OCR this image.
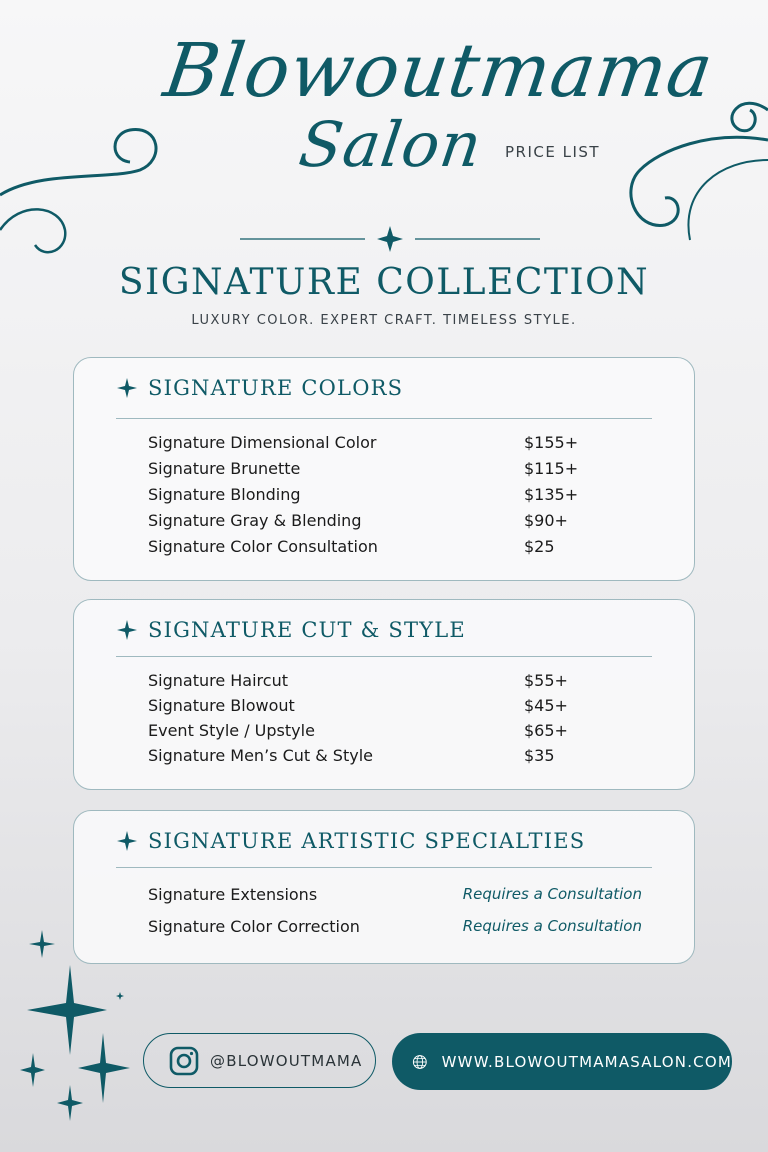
Blowoutmama
Salon PRICE LIST
SIGNATURE COLLECTION
LUXURY COLOR. EXPERT CRAFT. TIMELESS STYLE.
SIGNATURE COLORS
Signature Dimensional Color	$155+
Signature Brunette	$115+
Signature Blonding	$135+
Signature Gray & Blending	$90+
Signature Color Consultation	$25
SIGNATURE CUT & STYLE
Signature Haircut	$55+
Signature Blowout	$45+
Event Style / Upstyle	$65+
Signature Men’s Cut & Style	$35
SIGNATURE ARTISTIC SPECIALTIES
Signature Extensions	Requires a Consultation
Signature Color Correction	Requires a Consultation
@BLOWOUTMAMA	WWW.BLOWOUTMAMASALON.COM
